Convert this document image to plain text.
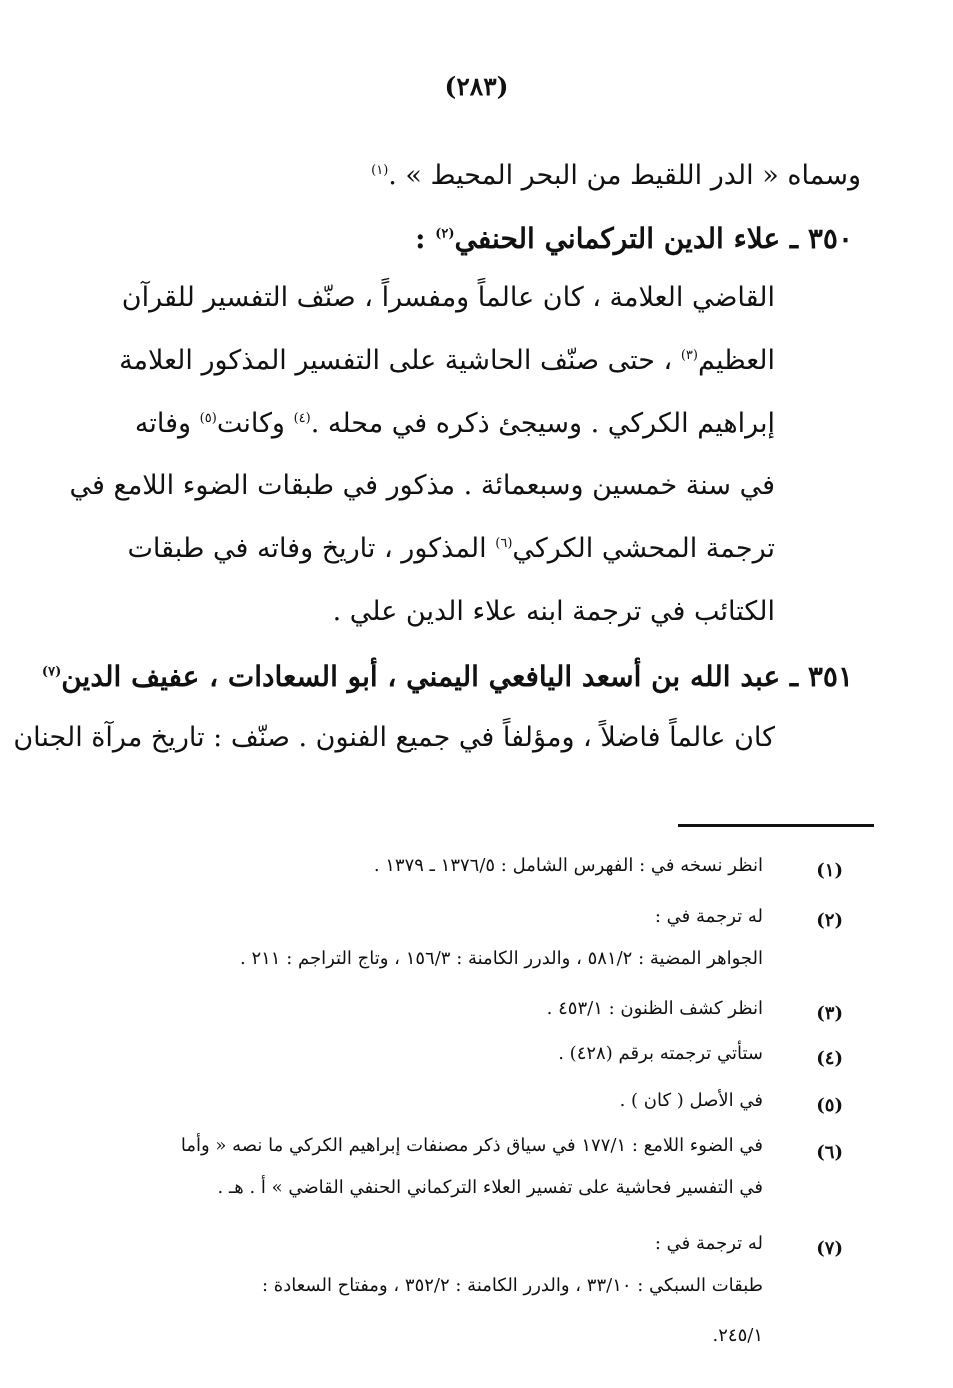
(٢٨٣)
وسماه « الدر اللقيط من البحر المحيط » .$^{(١)}$
٣٥٠ ـ علاء الدين التركماني الحنفي$^{(٢)}$ :
القاضي العلامة ، كان عالماً ومفسراً ، صنّف التفسير للقرآن
العظيم$^{(٣)}$ ، حتى صنّف الحاشية على التفسير المذكور العلامة
إبراهيم الكركي . وسيجئ ذكره في محله .$^{(٤)}$ وكانت$^{(٥)}$ وفاته
في سنة خمسين وسبعمائة . مذكور في طبقات الضوء اللامع في
ترجمة المحشي الكركي$^{(٦)}$ المذكور ، تاريخ وفاته في طبقات
الكتائب في ترجمة ابنه علاء الدين علي .
٣٥١ ـ عبد الله بن أسعد اليافعي اليمني ، أبو السعادات ، عفيف الدين$^{(٧)}$
كان عالماً فاضلاً ، ومؤلفاً في جميع الفنون . صنّف : تاريخ مرآة الجنان
(١)
انظر نسخه في : الفهرس الشامل : ١٣٧٦/٥ ـ ١٣٧٩ .
(٢)
له ترجمة في :
الجواهر المضية : ٥٨١/٢ ، والدرر الكامنة : ١٥٦/٣ ، وتاج التراجم : ٢١١ .
(٣)
انظر كشف الظنون : ٤٥٣/١ .
(٤)
ستأتي ترجمته برقم (٤٢٨) .
(٥)
في الأصل ( كان ) .
(٦)
في الضوء اللامع : ١٧٧/١ في سياق ذكر مصنفات إبراهيم الكركي ما نصه « وأما
في التفسير فحاشية على تفسير العلاء التركماني الحنفي القاضي » أ . هـ .
(٧)
له ترجمة في :
طبقات السبكي : ٣٣/١٠ ، والدرر الكامنة : ٣٥٢/٢ ، ومفتاح السعادة :
٢٤٥/١.
